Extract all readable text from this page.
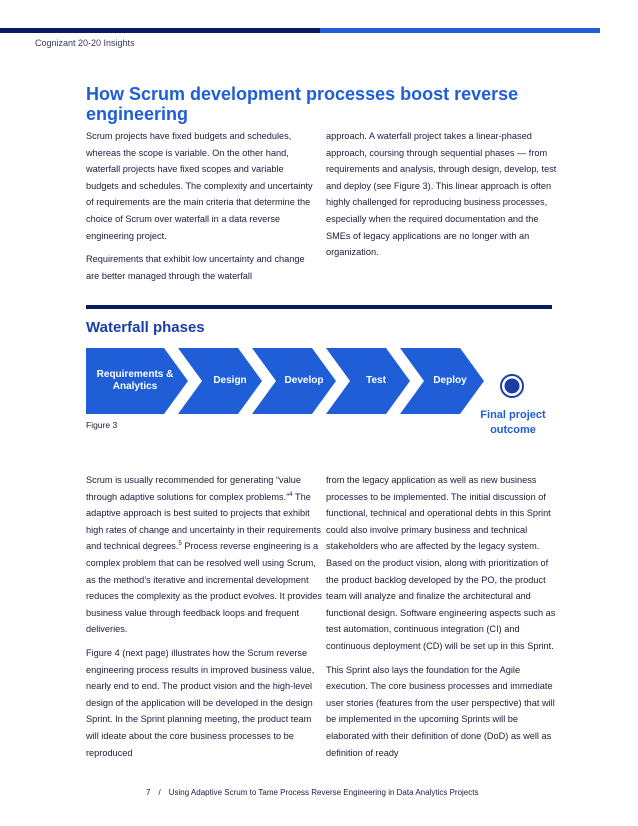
Cognizant 20-20 Insights
How Scrum development processes boost reverse engineering

Scrum projects have fixed budgets and schedules, whereas the scope is variable. On the other hand, waterfall projects have fixed scopes and variable budgets and schedules. The complexity and uncertainty of requirements are the main criteria that determine the choice of Scrum over waterfall in a data reverse engineering project.

Requirements that exhibit low uncertainty and change are better managed through the waterfall

approach. A waterfall project takes a linear-phased approach, coursing through sequential phases — from requirements and analysis, through design, develop, test and deploy (see Figure 3). This linear approach is often highly challenged for reproducing business processes, especially when the required documentation and the SMEs of legacy applications are no longer with an organization.

Waterfall phases
Requirements & Analytics
Design	Develop	Test	Deploy
Final project outcome
Figure 3

Scrum is usually recommended for generating “value through adaptive solutions for complex problems.”$^4$ The adaptive approach is best suited to projects that exhibit high rates of change and uncertainty in their requirements and technical degrees.$^5$ Process reverse engineering is a complex problem that can be resolved well using Scrum, as the method’s iterative and incremental development reduces the complexity as the product evolves. It provides business value through feedback loops and frequent deliveries.

Figure 4 (next page) illustrates how the Scrum reverse engineering process results in improved business value, nearly end to end. The product vision and the high-level design of the application will be developed in the design Sprint. In the Sprint planning meeting, the product team will ideate about the core business processes to be reproduced

from the legacy application as well as new business processes to be implemented. The initial discussion of functional, technical and operational debts in this Sprint could also involve primary business and technical stakeholders who are affected by the legacy system. Based on the product vision, along with prioritization of the product backlog developed by the PO, the product team will analyze and finalize the architectural and functional design. Software engineering aspects such as test automation, continuous integration (CI) and continuous deployment (CD) will be set up in this Sprint.

This Sprint also lays the foundation for the Agile execution. The core business processes and immediate user stories (features from the user perspective) that will be implemented in the upcoming Sprints will be elaborated with their definition of done (DoD) as well as definition of ready

7 / Using Adaptive Scrum to Tame Process Reverse Engineering in Data Analytics Projects
